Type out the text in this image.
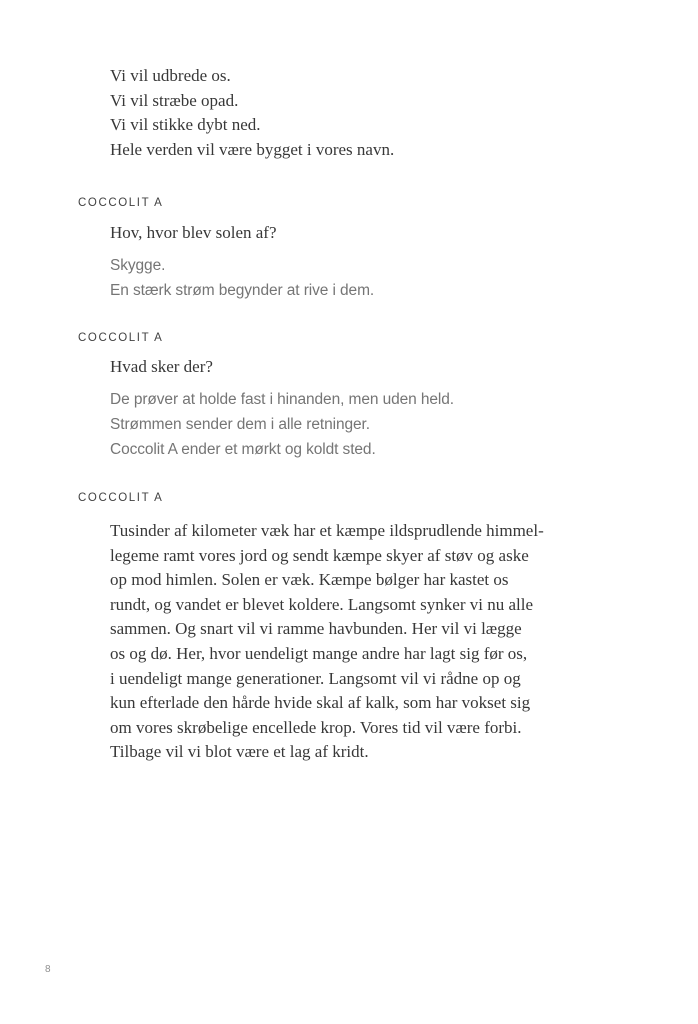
Vi vil udbrede os.
Vi vil stræbe opad.
Vi vil stikke dybt ned.
Hele verden vil være bygget i vores navn.
COCCOLIT A
Hov, hvor blev solen af?
Skygge.
En stærk strøm begynder at rive i dem.
COCCOLIT A
Hvad sker der?
De prøver at holde fast i hinanden, men uden held.
Strømmen sender dem i alle retninger.
Coccolit A ender et mørkt og koldt sted.
COCCOLIT A
Tusinder af kilometer væk har et kæmpe ildsprudlende himmel-
legeme ramt vores jord og sendt kæmpe skyer af støv og aske
op mod himlen. Solen er væk. Kæmpe bølger har kastet os
rundt, og vandet er blevet koldere. Langsomt synker vi nu alle
sammen. Og snart vil vi ramme havbunden. Her vil vi lægge
os og dø. Her, hvor uendeligt mange andre har lagt sig før os,
i uendeligt mange generationer. Langsomt vil vi rådne op og
kun efterlade den hårde hvide skal af kalk, som har vokset sig
om vores skrøbelige encellede krop. Vores tid vil være forbi.
Tilbage vil vi blot være et lag af kridt.
8
